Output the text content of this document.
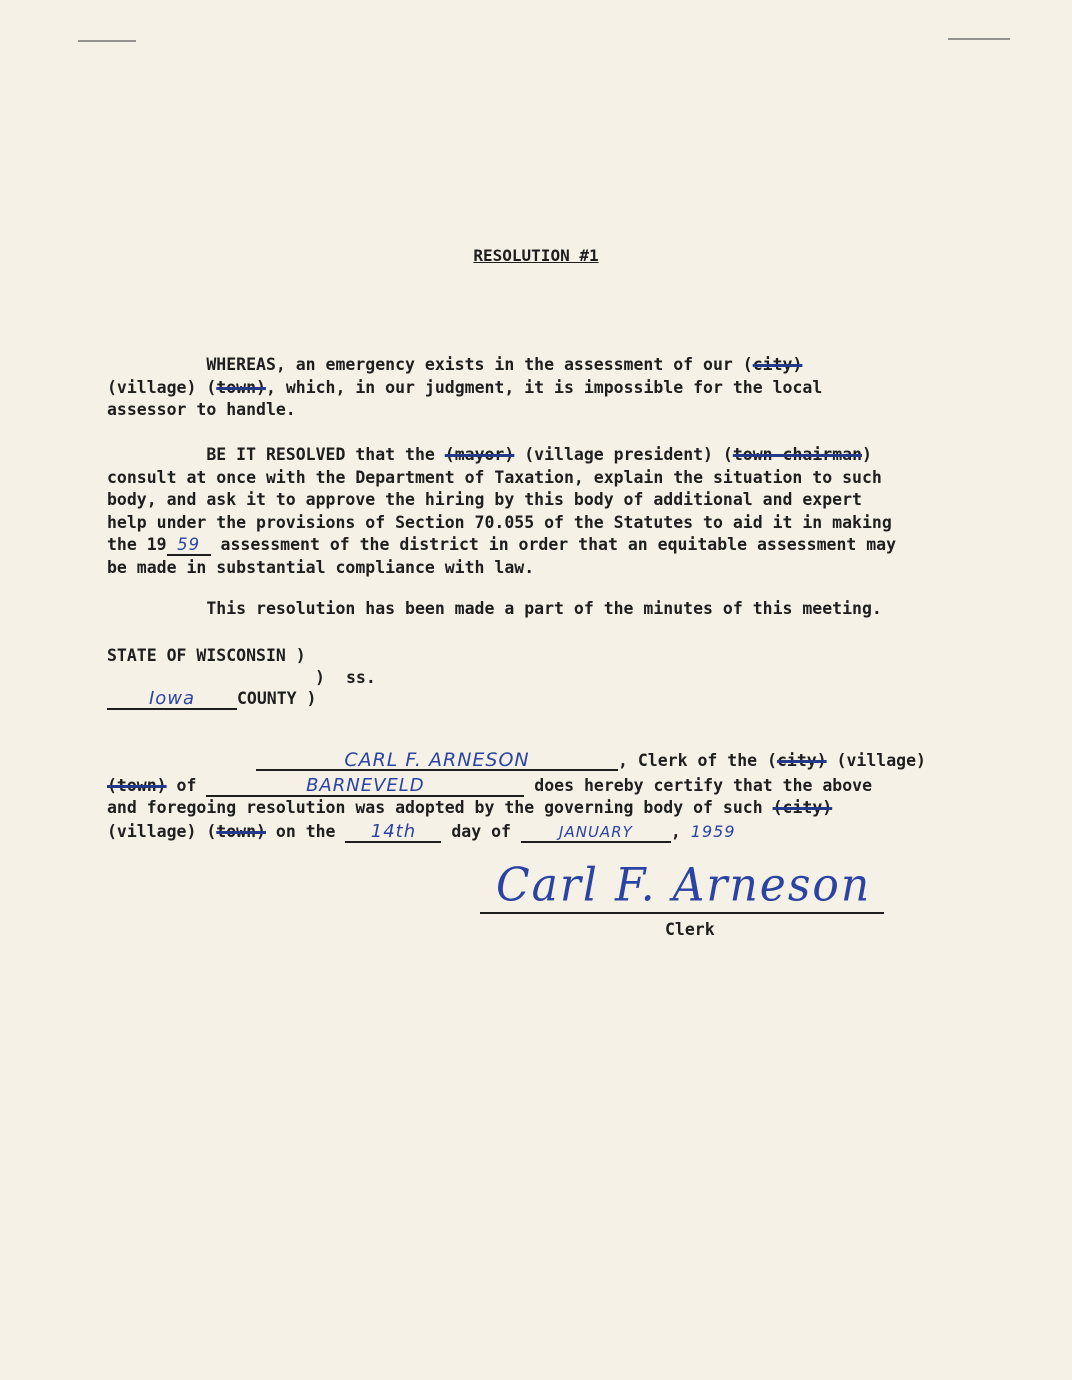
RESOLUTION #1
WHEREAS, an emergency exists in the assessment of our (city)
(village) (town), which, in our judgment, it is impossible for the local
assessor to handle.
BE IT RESOLVED that the (mayor) (village president) (town chairman)
consult at once with the Department of Taxation, explain the situation to such
body, and ask it to approve the hiring by this body of additional and expert
help under the provisions of Section 70.055 of the Statutes to aid it in making
the 19 59 assessment of the district in order that an equitable assessment may
be made in substantial compliance with law.
This resolution has been made a part of the minutes of this meeting.
STATE OF WISCONSIN )
) ss.
Iowa	COUNTY )
CARL F. ARNESON	, Clerk of the (city) (village)
(town) of	BARNEVELD	does hereby certify that the above
and foregoing resolution was adopted by the governing body of such (city)
(village) (town) on the 14th day of	JANUARY , 1959
Carl F. Arneson
Clerk
